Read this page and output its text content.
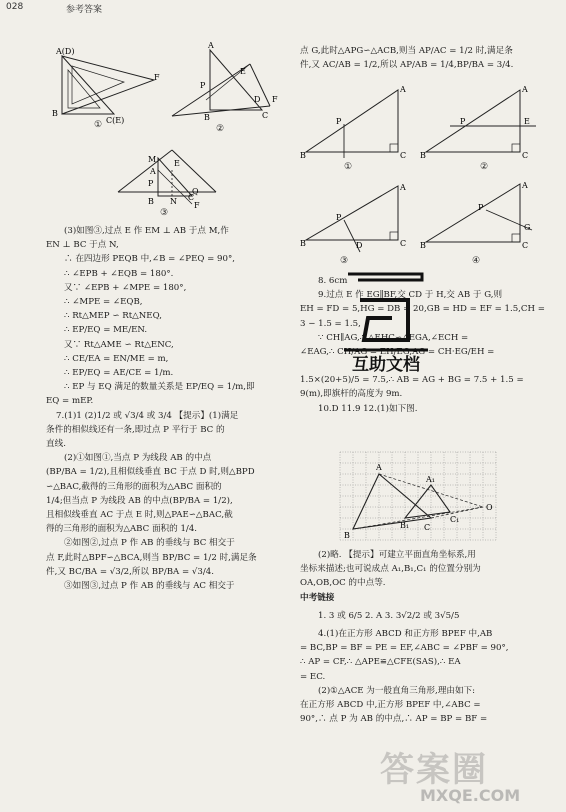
028	参考答案
A(D)
B
C(E)
F
①
A
P
E
B	C
D F
②
M
A
P
E
B N C
Q
F
③
(3)如图③,过点 E 作 EM ⊥ AB 于点 M,作
EN ⊥ BC 于点 N,
∴ 在四边形 PEQB 中,∠B = ∠PEQ = 90°,
∴ ∠EPB + ∠EQB = 180°.
又∵ ∠EPB + ∠MPE = 180°,
∴ ∠MPE = ∠EQB,
∴ Rt△MEP ∽ Rt△NEQ,
∴ EP/EQ = ME/EN.
又∵ Rt△AME ∽ Rt△ENC,
∴ CE/EA = EN/ME = m,
∴ EP/EQ = AE/CE = 1/m.
∴ EP 与 EQ 满足的数量关系是 EP/EQ = 1/m,即
EQ = mEP.
7.(1)1 (2)1/2 或 √3/4 或 3/4 【提示】(1)满足
条件的相似线还有一条,即过点 P 平行于 BC 的
直线.
(2)①如图①,当点 P 为线段 AB 的中点
(BP/BA = 1/2),且相似线垂直 BC 于点 D 时,则△BPD
∽△BAC,截得的三角形的面积为△ABC 面积的
1/4;但当点 P 为线段 AB 的中点(BP/BA = 1/2),
且相似线垂直 AC 于点 E 时,则△PAE∽△BAC,截
得的三角形的面积为△ABC 面积的 1/4.
②如图②,过点 P 作 AB 的垂线与 BC 相交于
点 F,此时△BPF∽△BCA,则当 BP/BC = 1/2 时,满足条
件,又 BC/BA = √3/2,所以 BP/BA = √3/4.
③如图③,过点 P 作 AB 的垂线与 AC 相交于
点 G,此时△APG∽△ACB,则当 AP/AC = 1/2 时,满足条
件,又 AC/AB = 1/2,所以 AP/AB = 1/4,BP/BA = 3/4.
A
P
B	C
①
A
P	E
B	C
②
A
P
B	D	C
③
A
P
G
B	C
④
8. 6cm
9.过点 E 作 EG∥BF,交 CD 于 H,交 AB 于 G,则
EH = FD = 5,HG = DB = 20,GB = HD = EF = 1.5,CH =
3 − 1.5 = 1.5,
∵ CH∥AG,∴ △EHC∽△EGA,∠ECH =
∠EAG,∴ CH/AG = EH/EG,AG = CH·EG/EH =
1.5×(20+5)/5 = 7.5,∴ AB = AG + BG = 7.5 + 1.5 =
9(m),即旗杆的高度为 9m.
10.D 11.9 12.(1)如下图.
互助文档
A
A₁
B
B₁ C
C₁
O
(2)略. 【提示】可建立平面直角坐标系,用
坐标来描述;也可说成点 A₁,B₁,C₁ 的位置分别为
OA,OB,OC 的中点等.
中考链接
1. 3 或 6/5 2. A 3. 3√2/2 或 3√5/5
4.(1)在正方形 ABCD 和正方形 BPEF 中,AB
= BC,BP = BF = PE = EF,∠ABC = ∠PBF = 90°,
∴ AP = CF,∴ △APE≌△CFE(SAS),∴ EA
= EC.
(2)①△ACE 为一般直角三角形,理由如下:
在正方形 ABCD 中,正方形 BPEF 中,∠ABC =
90°,∴ 点 P 为 AB 的中点,∴ AP = BP = BF =
答案圈
MXQE.COM
